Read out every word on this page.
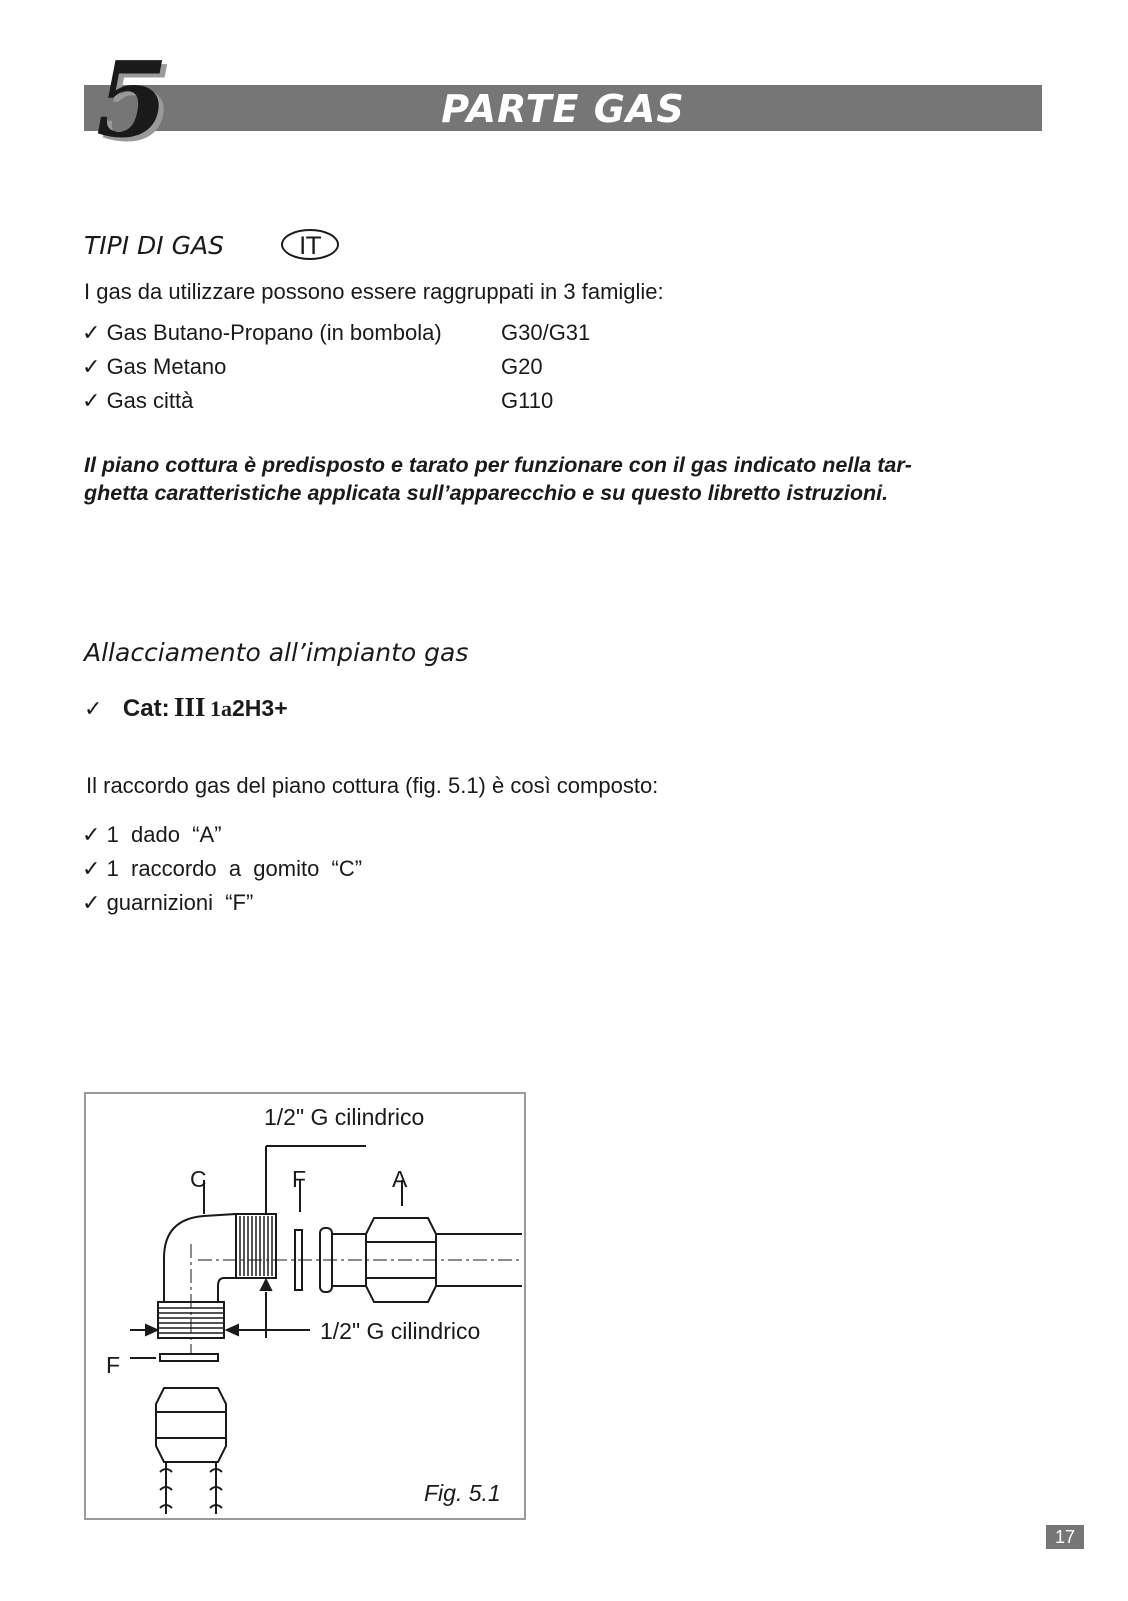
PARTE GAS
5
TIPI DI GAS	IT
I gas da utilizzare possono essere raggruppati in 3 famiglie:
✓ Gas Butano-Propano (in bombola)	G30/G31
✓ Gas Metano	G20
✓ Gas città	G110
Il piano cottura è predisposto e tarato per funzionare con il gas indicato nella tar-
ghetta caratteristiche applicata sull’apparecchio e su questo libretto istruzioni.
Allacciamento all’impianto gas
✓ Cat: III 1a2H3+
Il raccordo gas del piano cottura (fig. 5.1) è così composto:
✓ 1  dado  “A”
✓ 1  raccordo  a  gomito  “C”
✓ guarnizioni  “F”
1/2" G cilindrico
C	F	A
1/2" G cilindrico
F
Fig. 5.1
17
